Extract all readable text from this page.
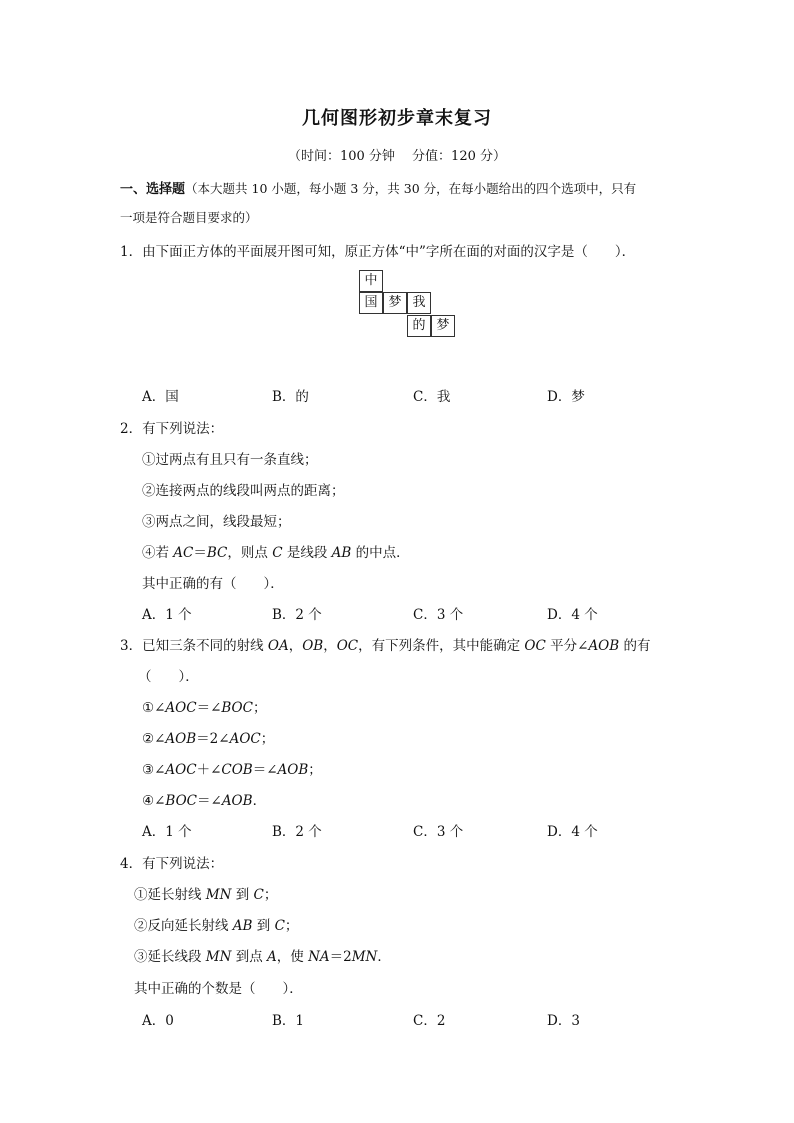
几何图形初步章末复习
（时间：100 分钟　 分值：120 分）
一、选择题（本大题共 10 小题，每小题 3 分，共 30 分，在每小题给出的四个选项中，只有
一项是符合题目要求的）
1．由下面正方体的平面展开图可知，原正方体“中”字所在面的对面的汉字是（　　）．
中
国 梦 我
的 梦
A．国	B．的	C．我	D．梦
2．有下列说法：
①过两点有且只有一条直线；
②连接两点的线段叫两点的距离；
③两点之间，线段最短；
④若 AC＝BC，则点 C 是线段 AB 的中点．
其中正确的有（　　）．
A．1 个	B．2 个	C．3 个	D．4 个
3．已知三条不同的射线 OA，OB，OC，有下列条件，其中能确定 OC 平分∠AOB 的有
（　　）．
①∠AOC＝∠BOC；
②∠AOB＝2∠AOC；
③∠AOC＋∠COB＝∠AOB；
④∠BOC＝∠AOB．
A．1 个	B．2 个	C．3 个	D．4 个
4．有下列说法：
①延长射线 MN 到 C；
②反向延长射线 AB 到 C；
③延长线段 MN 到点 A，使 NA＝2MN．
其中正确的个数是（　　）．
A．0	B．1	C．2	D．3
